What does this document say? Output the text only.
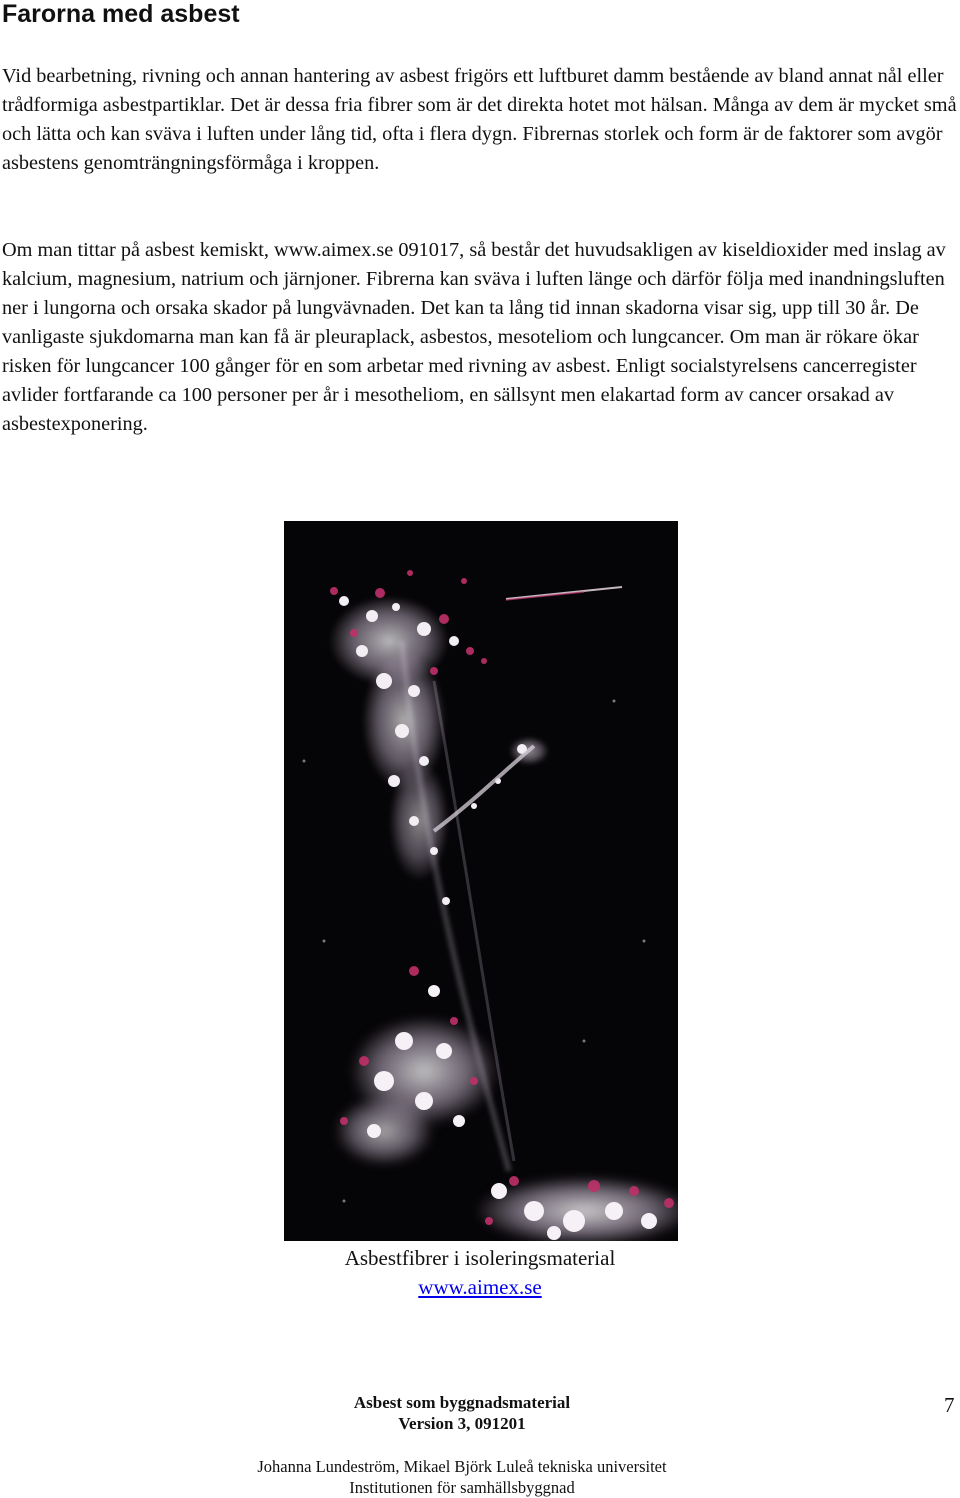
Farorna med asbest

Vid bearbetning, rivning och annan hantering av asbest frigörs ett luftburet damm bestående av bland annat nål eller trådformiga asbestpartiklar. Det är dessa fria fibrer som är det direkta hotet mot hälsan. Många av dem är mycket små och lätta och kan sväva i luften under lång tid, ofta i flera dygn. Fibrernas storlek och form är de faktorer som avgör asbestens genomträngningsförmåga i kroppen.

Om man tittar på asbest kemiskt, www.aimex.se 091017, så består det huvudsakligen av kiseldioxider med inslag av kalcium, magnesium, natrium och järnjoner. Fibrerna kan sväva i luften länge och därför följa med inandningsluften ner i lungorna och orsaka skador på lungvävnaden. Det kan ta lång tid innan skadorna visar sig, upp till 30 år. De vanligaste sjukdomarna man kan få är pleuraplack, asbestos, mesoteliom och lungcancer. Om man är rökare ökar risken för lungcancer 100 gånger för en som arbetar med rivning av asbest. Enligt socialstyrelsens cancerregister avlider fortfarande ca 100 personer per år i mesotheliom, en sällsynt men elakartad form av cancer orsakad av asbestexponering.

Asbestfibrer i isoleringsmaterial
www.aimex.se
Asbest som byggnadsmaterial
Version 3, 091201
7
Johanna Lundeström, Mikael Björk Luleå tekniska universitet
Institutionen för samhällsbyggnad
